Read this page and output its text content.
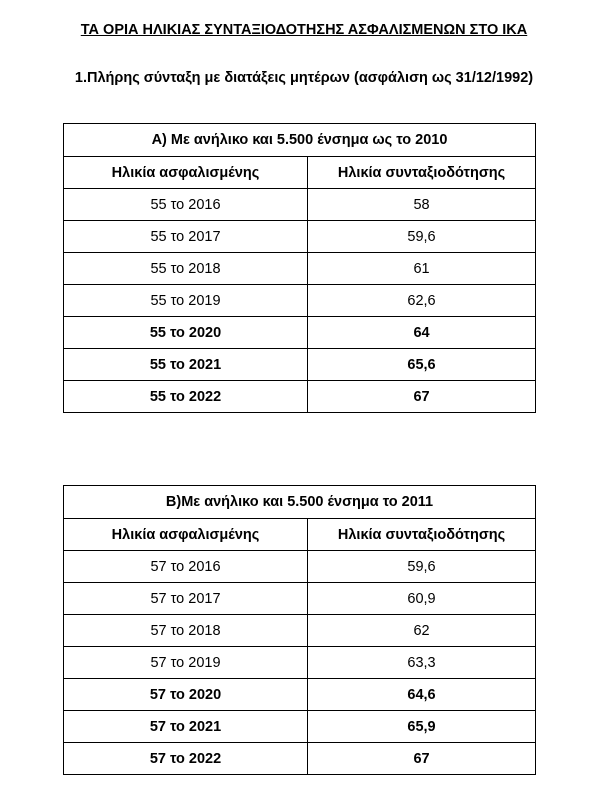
ΤΑ ΟΡΙΑ ΗΛΙΚΙΑΣ ΣΥΝΤΑΞΙΟΔΟΤΗΣΗΣ ΑΣΦΑΛΙΣΜΕΝΩΝ ΣΤΟ ΙΚΑ
1.Πλήρης σύνταξη με διατάξεις μητέρων (ασφάλιση ως 31/12/1992)
Α) Με ανήλικο και 5.500 ένσημα ως το 2010	
Ηλικία ασφαλισμένης	Ηλικία συνταξιοδότησης
55 το 2016	58
55 το 2017	59,6
55 το 2018	61
55 το 2019	62,6
55 το 2020	64
55 το 2021	65,6
55 το 2022	67
Β)Με ανήλικο και 5.500 ένσημα το 2011	
Ηλικία ασφαλισμένης	Ηλικία συνταξιοδότησης
57 το 2016	59,6
57 το 2017	60,9
57 το 2018	62
57 το 2019	63,3
57 το 2020	64,6
57 το 2021	65,9
57 το 2022	67
